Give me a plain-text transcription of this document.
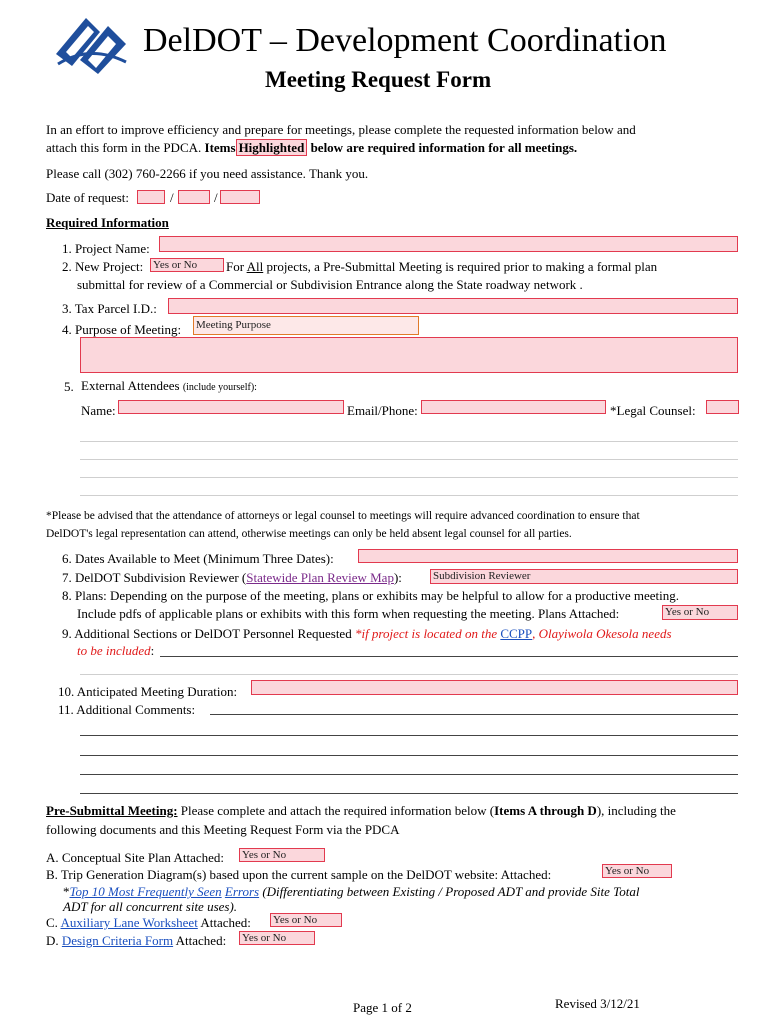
DelDOT – Development Coordination
Meeting Request Form
In an effort to improve efficiency and prepare for meetings, please complete the requested information below and
attach this form in the PDCA. Items Highlighted below are required information for all meetings.
Please call (302) 760-2266 if you need assistance. Thank you.
Date of request:	/	/
Required Information
1. Project Name:
2. New Project: Yes or No	For All projects, a Pre-Submittal Meeting is required prior to making a formal plan
submittal for review of a Commercial or Subdivision Entrance along the State roadway network .
3. Tax Parcel I.D.:
4. Purpose of Meeting: Meeting Purpose
5. External Attendees (include yourself):
Name:	Email/Phone:	*Legal Counsel:
*Please be advised that the attendance of attorneys or legal counsel to meetings will require advanced coordination to ensure that
DelDOT's legal representation can attend, otherwise meetings can only be held absent legal counsel for all parties.
6. Dates Available to Meet (Minimum Three Dates):
7. DelDOT Subdivision Reviewer (Statewide Plan Review Map):	Subdivision Reviewer
8. Plans: Depending on the purpose of the meeting, plans or exhibits may be helpful to allow for a productive meeting.
Include pdfs of applicable plans or exhibits with this form when requesting the meeting. Plans Attached:	Yes or No
9. Additional Sections or DelDOT Personnel Requested *if project is located on the CCPP, Olayiwola Okesola needs
to be included:
10. Anticipated Meeting Duration:
11. Additional Comments:
Pre-Submittal Meeting: Please complete and attach the required information below (Items A through D), including the
following documents and this Meeting Request Form via the PDCA
A. Conceptual Site Plan Attached: Yes or No
B. Trip Generation Diagram(s) based upon the current sample on the DelDOT website: Attached:	Yes or No
*Top 10 Most Frequently Seen Errors (Differentiating between Existing / Proposed ADT and provide Site Total
ADT for all concurrent site uses).
C. Auxiliary Lane Worksheet Attached: Yes or No
D. Design Criteria Form Attached: Yes or No
Page 1 of 2	Revised 3/12/21
